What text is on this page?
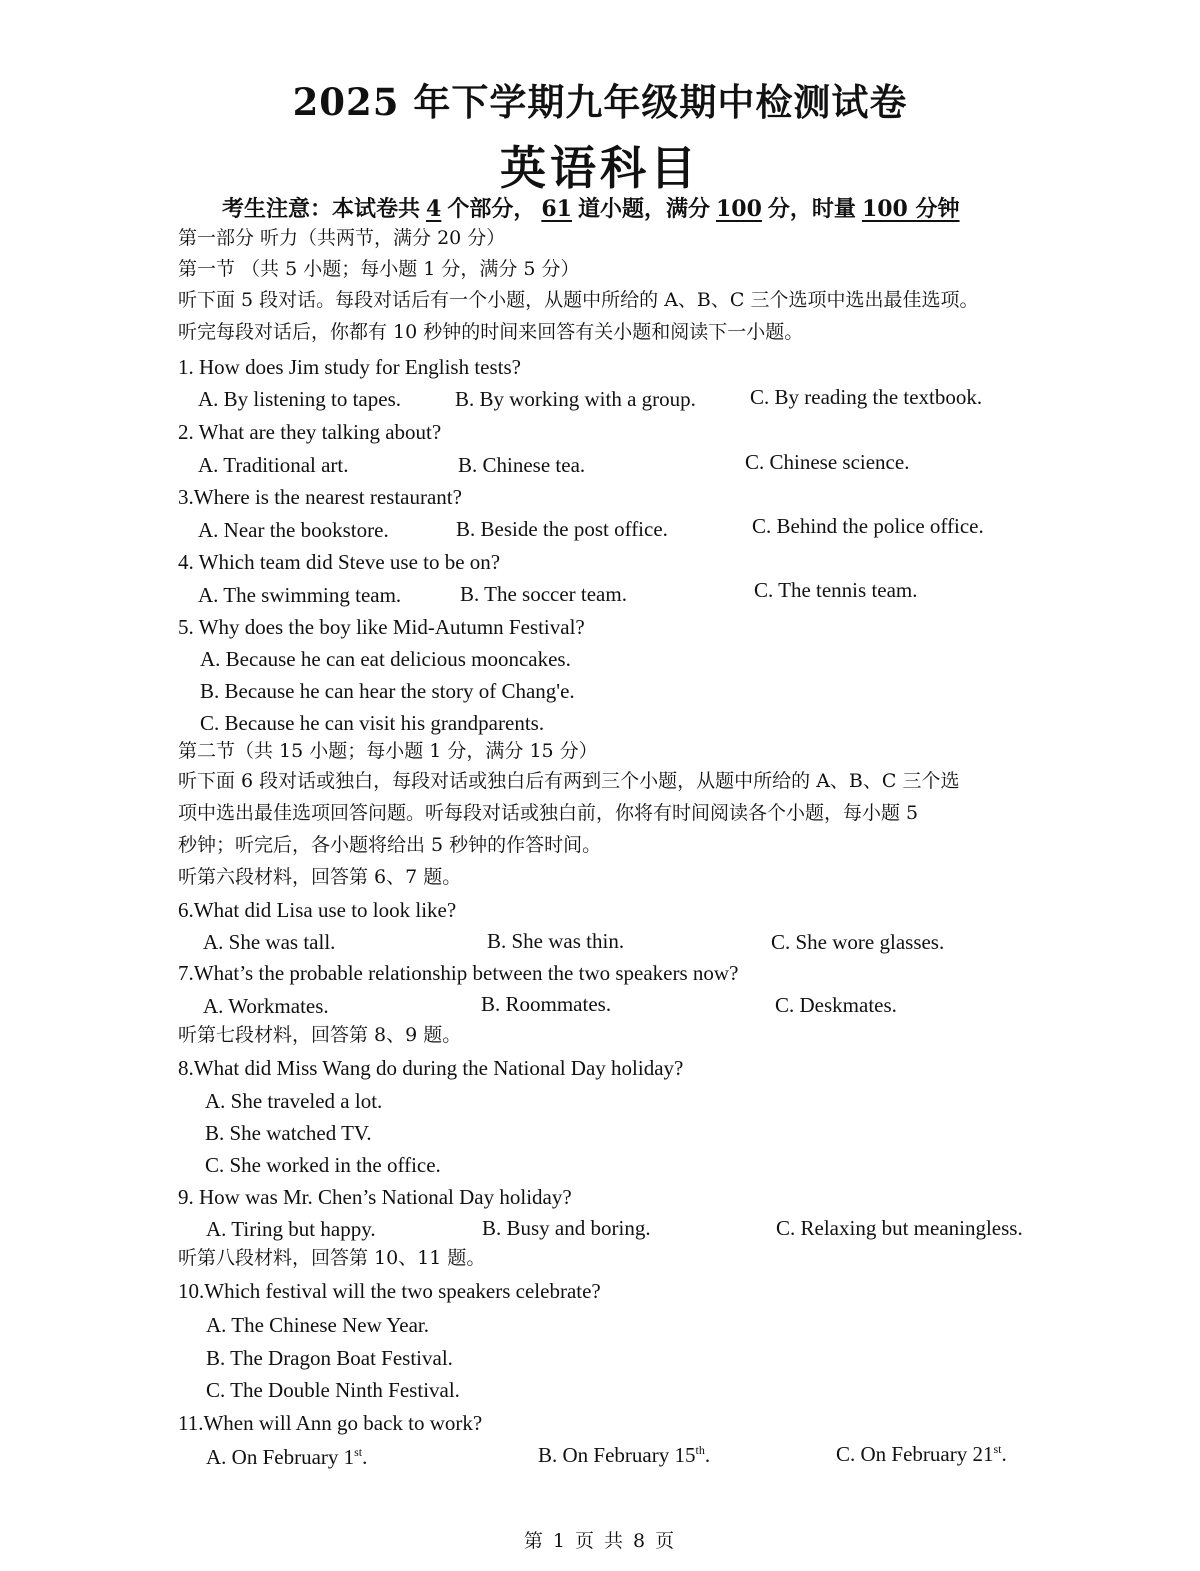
2025 年下学期九年级期中检测试卷
英语科目
考生注意：本试卷共 4 个部分， 61 道小题，满分 100 分，时量 100 分钟
第一部分 听力（共两节，满分 20 分）
第一节 （共 5 小题；每小题 1 分，满分 5 分）
听下面 5 段对话。每段对话后有一个小题，从题中所给的 A、B、C 三个选项中选出最佳选项。
听完每段对话后，你都有 10 秒钟的时间来回答有关小题和阅读下一小题。
1. How does Jim study for English tests?
A. By listening to tapes.	B. By working with a group.	C. By reading the textbook.
2. What are they talking about?
A. Traditional art.	B. Chinese tea.	C. Chinese science.
3.Where is the nearest restaurant?
A. Near the bookstore.	B. Beside the post office.	C. Behind the police office.
4. Which team did Steve use to be on?
A. The swimming team.	B. The soccer team.	C. The tennis team.
5. Why does the boy like Mid-Autumn Festival?
A. Because he can eat delicious mooncakes.
B. Because he can hear the story of Chang'e.
C. Because he can visit his grandparents.
第二节（共 15 小题；每小题 1 分，满分 15 分）
听下面 6 段对话或独白，每段对话或独白后有两到三个小题，从题中所给的 A、B、C 三个选
项中选出最佳选项回答问题。听每段对话或独白前，你将有时间阅读各个小题，每小题 5
秒钟；听完后，各小题将给出 5 秒钟的作答时间。
听第六段材料，回答第 6、7 题。
6.What did Lisa use to look like?
A. She was tall.	B. She was thin.	C. She wore glasses.
7.What’s the probable relationship between the two speakers now?
A. Workmates.	B. Roommates.	C. Deskmates.
听第七段材料，回答第 8、9 题。
8.What did Miss Wang do during the National Day holiday?
A. She traveled a lot.
B. She watched TV.
C. She worked in the office.
9. How was Mr. Chen’s National Day holiday?
A. Tiring but happy.	B. Busy and boring.	C. Relaxing but meaningless.
听第八段材料，回答第 10、11 题。
10.Which festival will the two speakers celebrate?
A. The Chinese New Year.
B. The Dragon Boat Festival.
C. The Double Ninth Festival.
11.When will Ann go back to work?
A. On February 1st.	B. On February 15th.	C. On February 21st.
第 1 页 共 8 页
